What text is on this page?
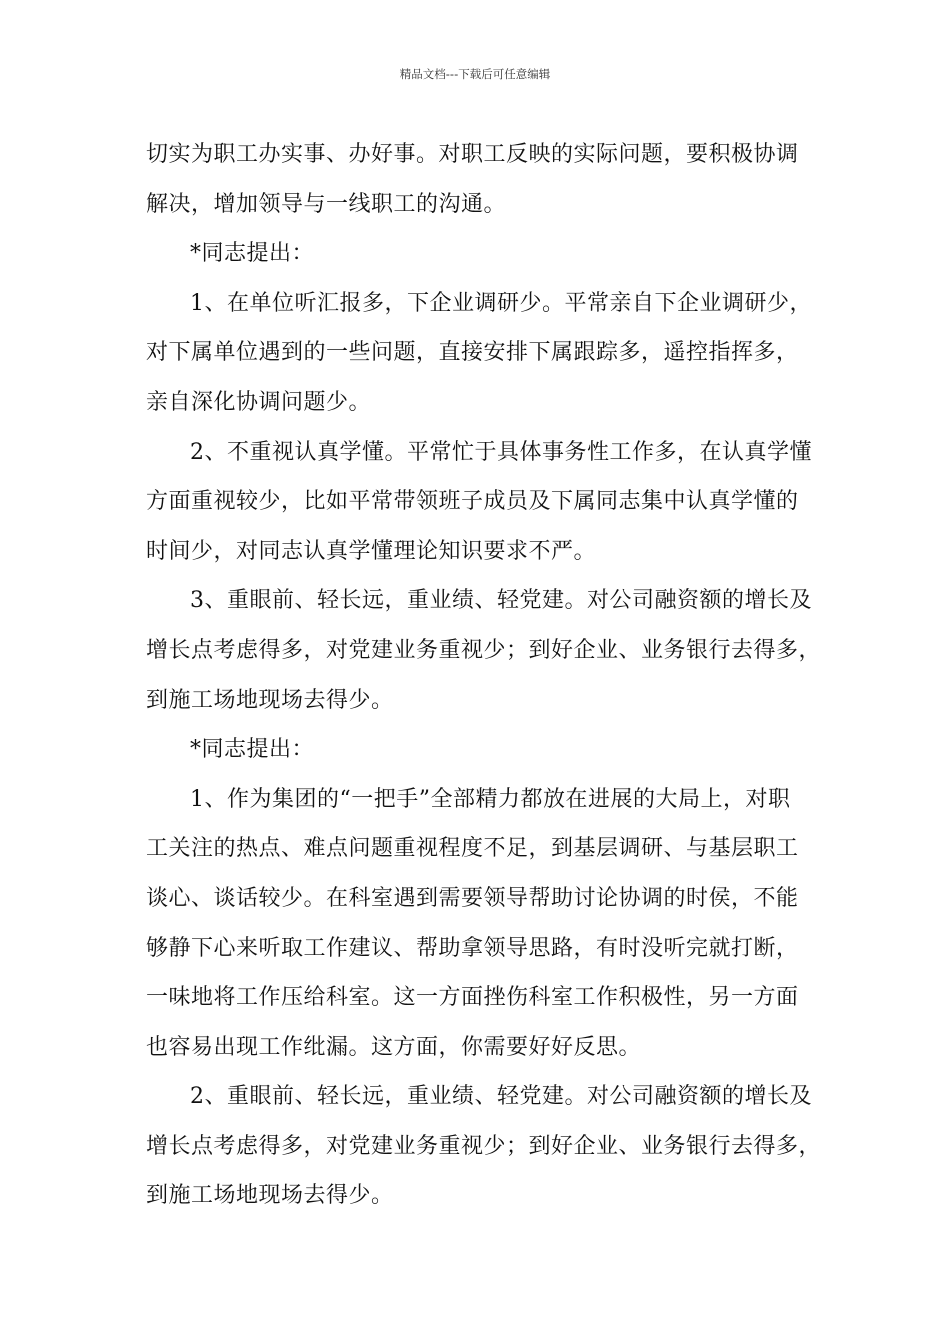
精品文档---下载后可任意编辑
切实为职工办实事、办好事。对职工反映的实际问题，要积极协调
解决，增加领导与一线职工的沟通。
*同志提出：
1、在单位听汇报多，下企业调研少。平常亲自下企业调研少，
对下属单位遇到的一些问题，直接安排下属跟踪多，遥控指挥多，
亲自深化协调问题少。
2、不重视认真学懂。平常忙于具体事务性工作多，在认真学懂
方面重视较少，比如平常带领班子成员及下属同志集中认真学懂的
时间少，对同志认真学懂理论知识要求不严。
3、重眼前、轻长远，重业绩、轻党建。对公司融资额的增长及
增长点考虑得多，对党建业务重视少；到好企业、业务银行去得多，
到施工场地现场去得少。
*同志提出：
1、作为集团的“一把手”全部精力都放在进展的大局上，对职
工关注的热点、难点问题重视程度不足，到基层调研、与基层职工
谈心、谈话较少。在科室遇到需要领导帮助讨论协调的时侯，不能
够静下心来听取工作建议、帮助拿领导思路，有时没听完就打断，
一味地将工作压给科室。这一方面挫伤科室工作积极性，另一方面
也容易出现工作纰漏。这方面，你需要好好反思。
2、重眼前、轻长远，重业绩、轻党建。对公司融资额的增长及
增长点考虑得多，对党建业务重视少；到好企业、业务银行去得多，
到施工场地现场去得少。
